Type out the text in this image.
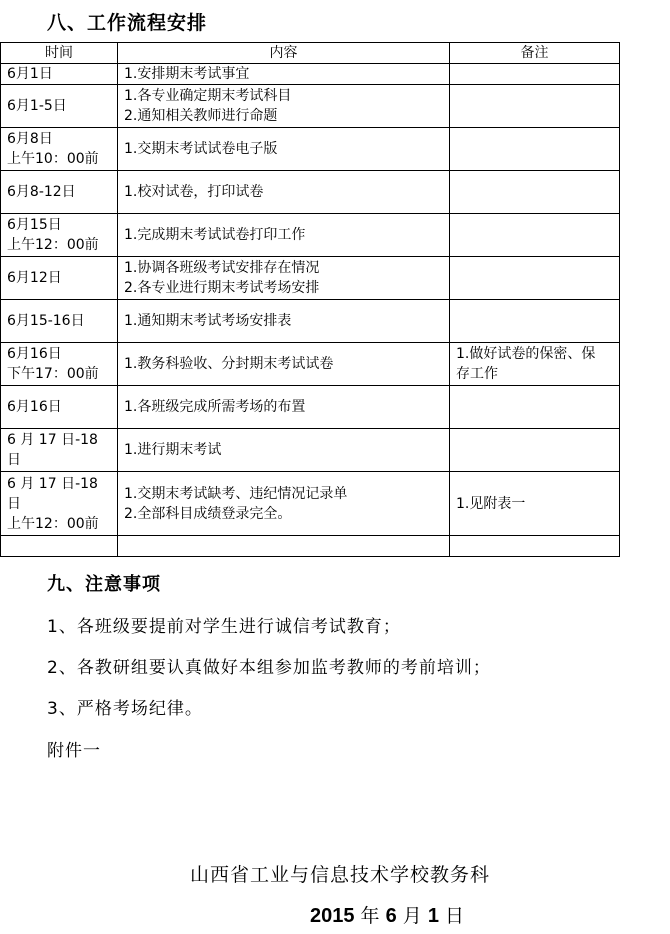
八、工作流程安排
时间	内容	备注

6月1日	1.安排期末考试事宜	

6月1-5日	1.各专业确定期末考试科目
2.通知相关教师进行命题	

6月8日
上午10：00前	1.交期末考试试卷电子版	

6月8-12日	1.校对试卷，打印试卷	

6月15日
上午12：00前	1.完成期末考试试卷打印工作	

6月12日	1.协调各班级考试安排存在情况
2.各专业进行期末考试考场安排	

6月15-16日	1.通知期末考试考场安排表	

6月16日
下午17：00前	1.教务科验收、分封期末考试试卷	1.做好试卷的保密、保
存工作

6月16日	1.各班级完成所需考场的布置	

6 月 17 日-18
日	1.进行期末考试	

6 月 17 日-18
日
上午12：00前	1.交期末考试缺考、违纪情况记录单
2.全部科目成绩登录完全。	1.见附表一

九、注意事项
1、各班级要提前对学生进行诚信考试教育；
2、各教研组要认真做好本组参加监考教师的考前培训；
3、严格考场纪律。
附件一
山西省工业与信息技术学校教务科
2015 年 6 月 1 日
